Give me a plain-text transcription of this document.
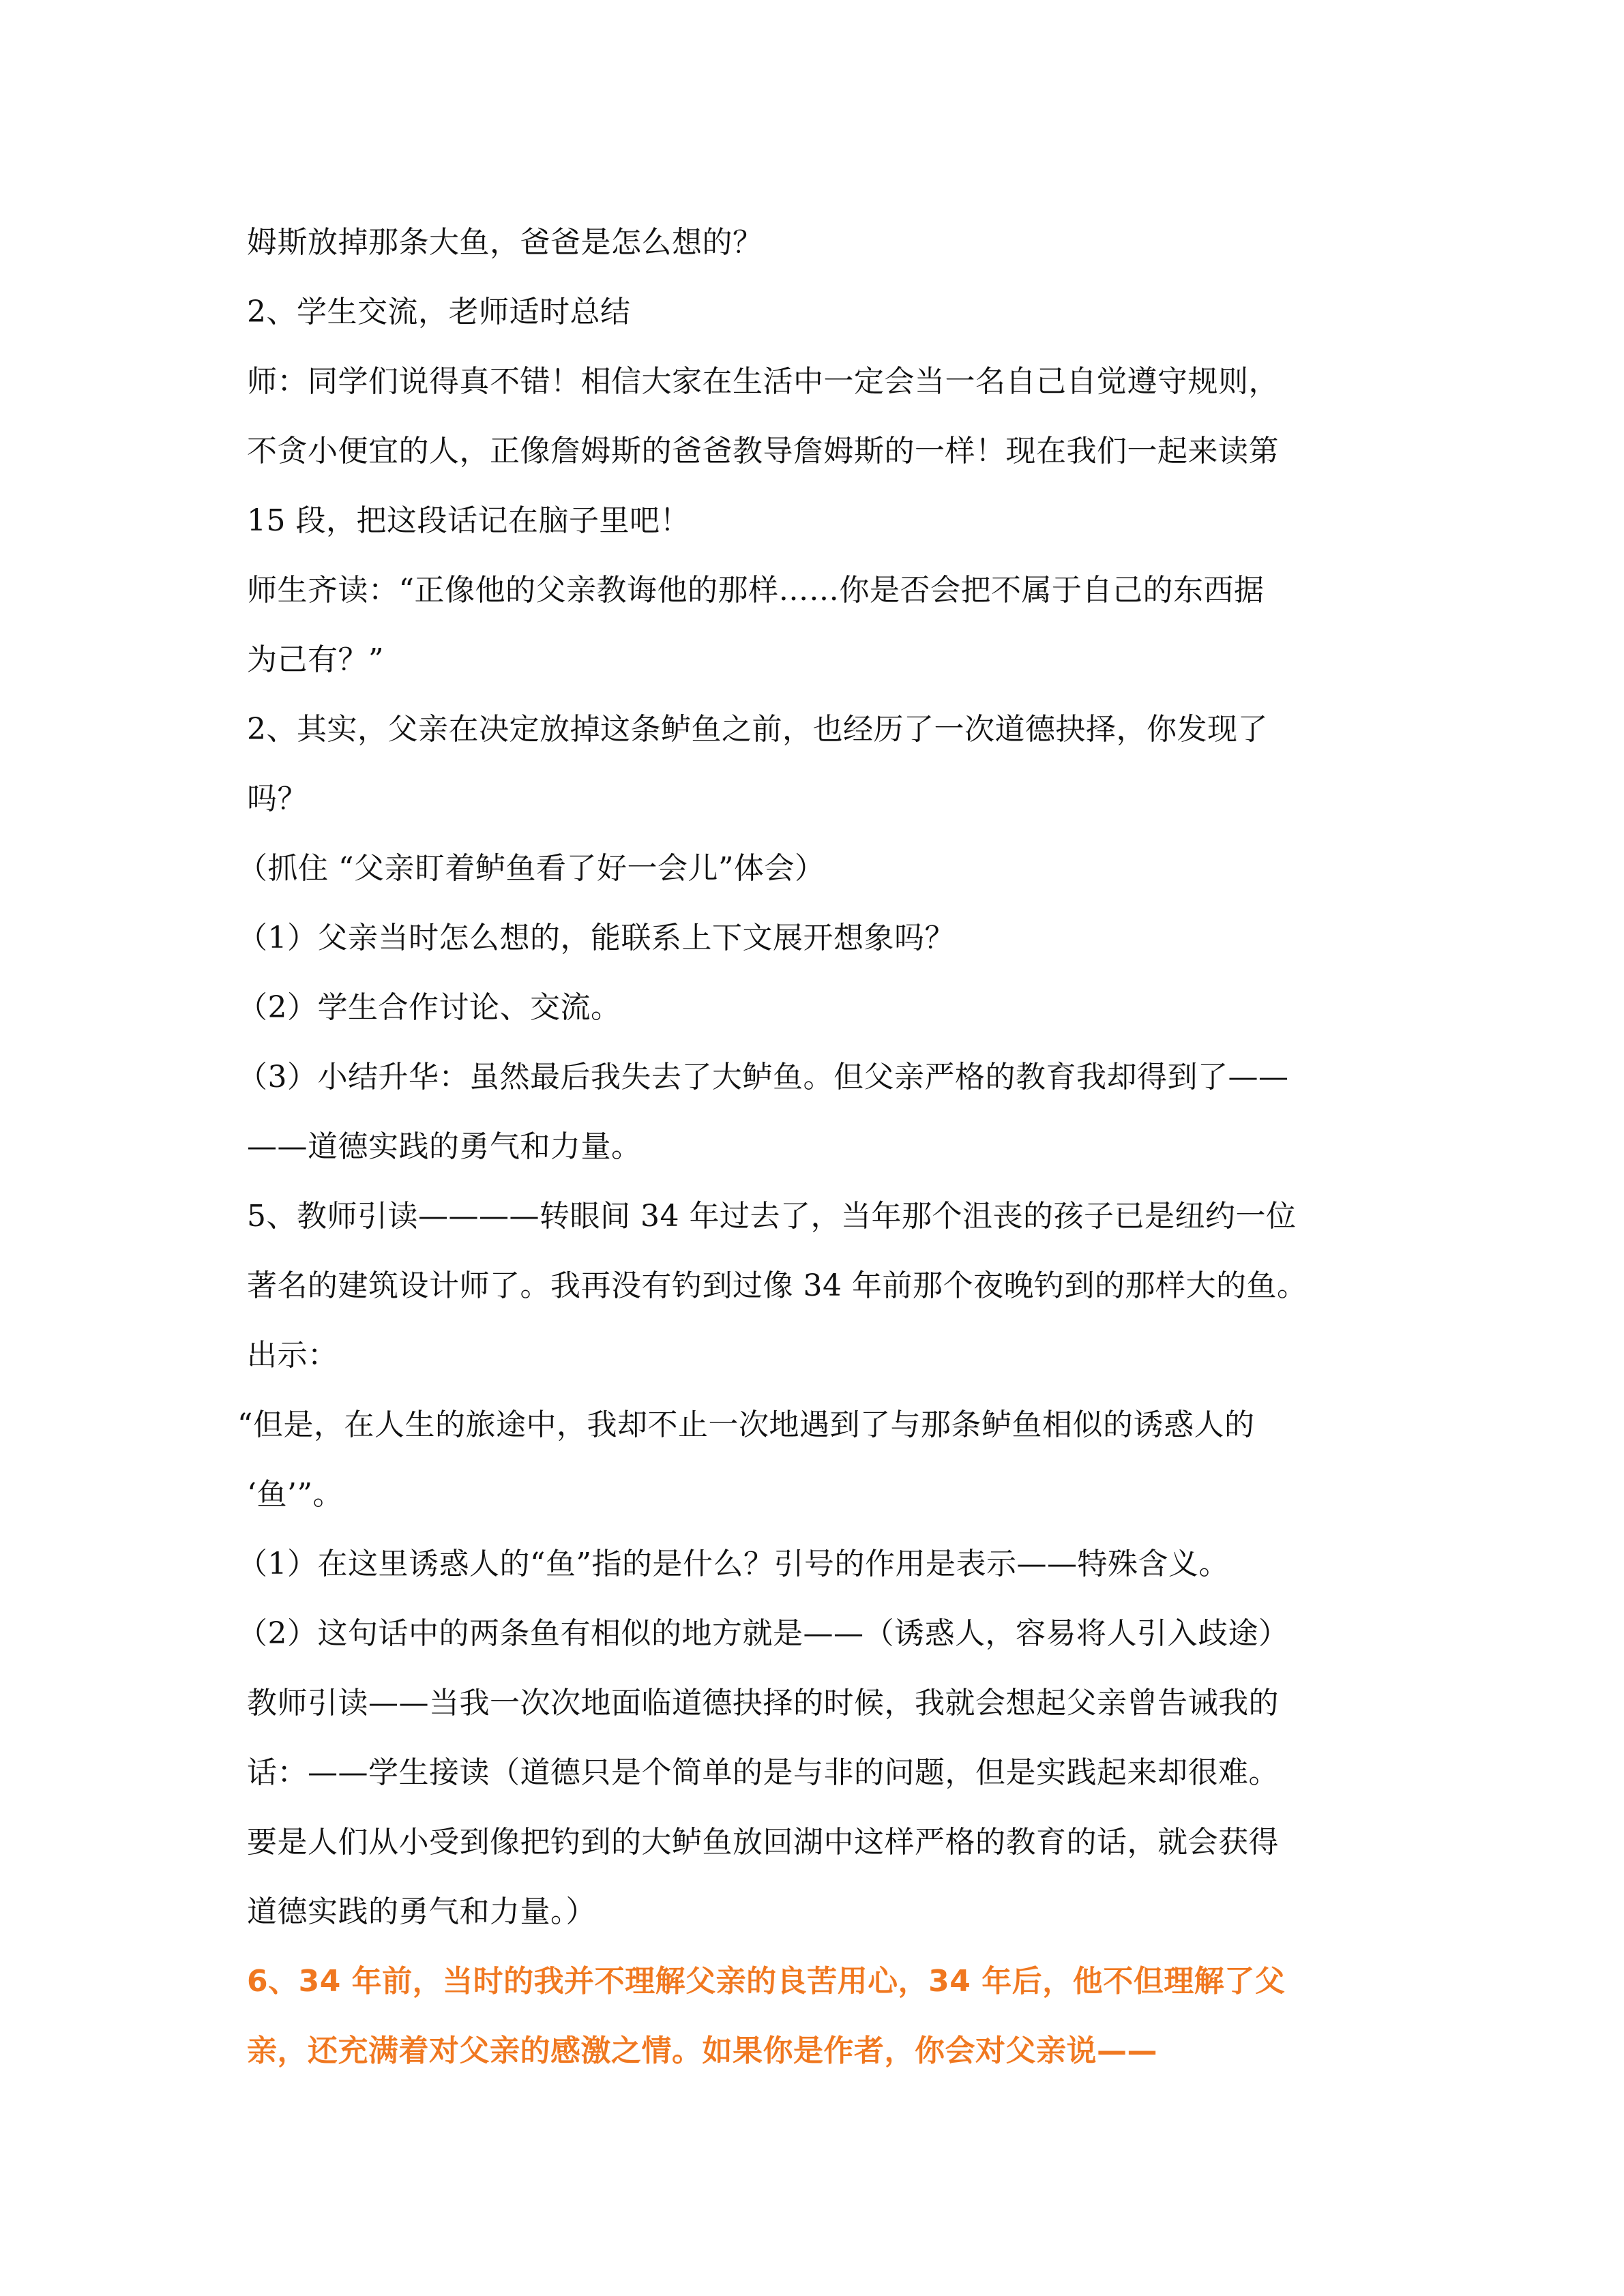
姆斯放掉那条大鱼，爸爸是怎么想的？

2、学生交流，老师适时总结

师：同学们说得真不错！相信大家在生活中一定会当一名自己自觉遵守规则，

不贪小便宜的人，正像詹姆斯的爸爸教导詹姆斯的一样！现在我们一起来读第

15 段，把这段话记在脑子里吧！

师生齐读：“正像他的父亲教诲他的那样……你是否会把不属于自己的东西据

为己有？”

2、其实，父亲在决定放掉这条鲈鱼之前，也经历了一次道德抉择，你发现了

吗？

（抓住 “父亲盯着鲈鱼看了好一会儿”体会）

（1）父亲当时怎么想的，能联系上下文展开想象吗？

（2）学生合作讨论、交流。

（3）小结升华：虽然最后我失去了大鲈鱼。但父亲严格的教育我却得到了——

——道德实践的勇气和力量。

5、教师引读————转眼间 34 年过去了，当年那个沮丧的孩子已是纽约一位

著名的建筑设计师了。我再没有钓到过像 34 年前那个夜晚钓到的那样大的鱼。

出示：

“但是，在人生的旅途中，我却不止一次地遇到了与那条鲈鱼相似的诱惑人的

‘鱼’”。

（1）在这里诱惑人的“鱼”指的是什么？引号的作用是表示——特殊含义。

（2）这句话中的两条鱼有相似的地方就是——（诱惑人，容易将人引入歧途）

教师引读——当我一次次地面临道德抉择的时候，我就会想起父亲曾告诫我的

话：——学生接读（道德只是个简单的是与非的问题，但是实践起来却很难。

要是人们从小受到像把钓到的大鲈鱼放回湖中这样严格的教育的话，就会获得

道德实践的勇气和力量。）

6、34 年前，当时的我并不理解父亲的良苦用心，34 年后，他不但理解了父

亲，还充满着对父亲的感激之情。如果你是作者，你会对父亲说——
